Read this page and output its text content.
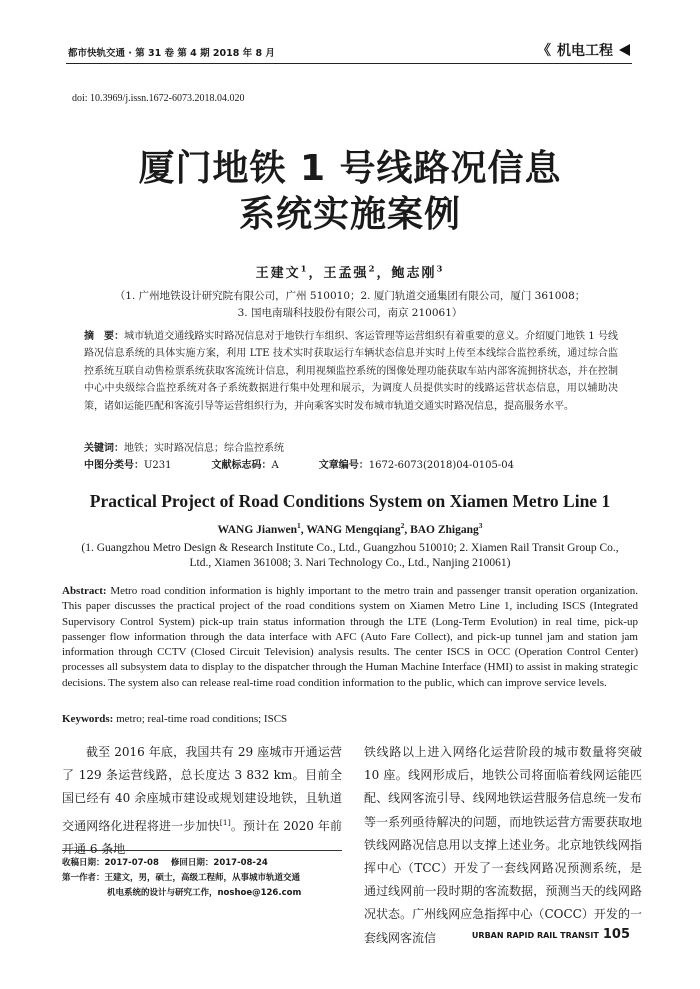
都市快轨交通 · 第 31 卷 第 4 期 2018 年 8 月	《 机电工程
doi: 10.3969/j.issn.1672-6073.2018.04.020
厦门地铁 1 号线路况信息
系统实施案例
王建文$^1$，王孟强$^2$，鲍志刚$^3$
（1. 广州地铁设计研究院有限公司，广州 510010；2. 厦门轨道交通集团有限公司，厦门 361008；
3. 国电南瑞科技股份有限公司，南京 210061）
摘　要：城市轨道交通线路实时路况信息对于地铁行车组织、客运管理等运营组织有着重要的意义。介绍厦门地铁 1 号线路况信息系统的具体实施方案，利用 LTE 技术实时获取运行车辆状态信息并实时上传至本线综合监控系统，通过综合监控系统互联自动售检票系统获取客流统计信息，利用视频监控系统的图像处理功能获取车站内部客流拥挤状态，并在控制中心中央级综合监控系统对各子系统数据进行集中处理和展示，为调度人员提供实时的线路运营状态信息，用以辅助决策，诸如运能匹配和客流引导等运营组织行为，并向乘客实时发布城市轨道交通实时路况信息，提高服务水平。
关键词：地铁；实时路况信息；综合监控系统
中图分类号：U231	文献标志码：A	文章编号：1672-6073(2018)04-0105-04
Practical Project of Road Conditions System on Xiamen Metro Line 1
WANG Jianwen$^1$, WANG Mengqiang$^2$, BAO Zhigang$^3$
(1. Guangzhou Metro Design & Research Institute Co., Ltd., Guangzhou 510010; 2. Xiamen Rail Transit Group Co., Ltd., Xiamen 361008; 3. Nari Technology Co., Ltd., Nanjing 210061)
Abstract: Metro road condition information is highly important to the metro train and passenger transit operation organization. This paper discusses the practical project of the road conditions system on Xiamen Metro Line 1, including ISCS (Integrated Supervisory Control System) pick-up train status information through the LTE (Long-Term Evolution) in real time, pick-up passenger flow information through the data interface with AFC (Auto Fare Collect), and pick-up tunnel jam and station jam information through CCTV (Closed Circuit Television) analysis results. The center ISCS in OCC (Operation Control Center) processes all subsystem data to display to the dispatcher through the Human Machine Interface (HMI) to assist in making strategic decisions. The system also can release real-time road condition information to the public, which can improve service levels.
Keywords: metro; real-time road conditions; ISCS

截至 2016 年底，我国共有 29 座城市开通运营了 129 条运营线路，总长度达 3 832 km。目前全国已经有 40 余座城市建设或规划建设地铁，且轨道交通网络化进程将进一步加快[1]。预计在 2020 年前开通 6 条地

铁线路以上进入网络化运营阶段的城市数量将突破 10 座。线网形成后，地铁公司将面临着线网运能匹配、线网客流引导、线网地铁运营服务信息统一发布等一系列亟待解决的问题，而地铁运营方需要获取地铁线网路况信息用以支撑上述业务。北京地铁线网指挥中心（TCC）开发了一套线网路况预测系统，是通过线网前一段时期的客流数据，预测当天的线网路况状态。广州线网应急指挥中心（COCC）开发的一套线网客流信

收稿日期：2017-07-08 修回日期：2017-08-24
第一作者：王建文，男，硕士，高级工程师，从事城市轨道交通
机电系统的设计与研究工作，noshoe@126.com
URBAN RAPID RAIL TRANSIT 105
